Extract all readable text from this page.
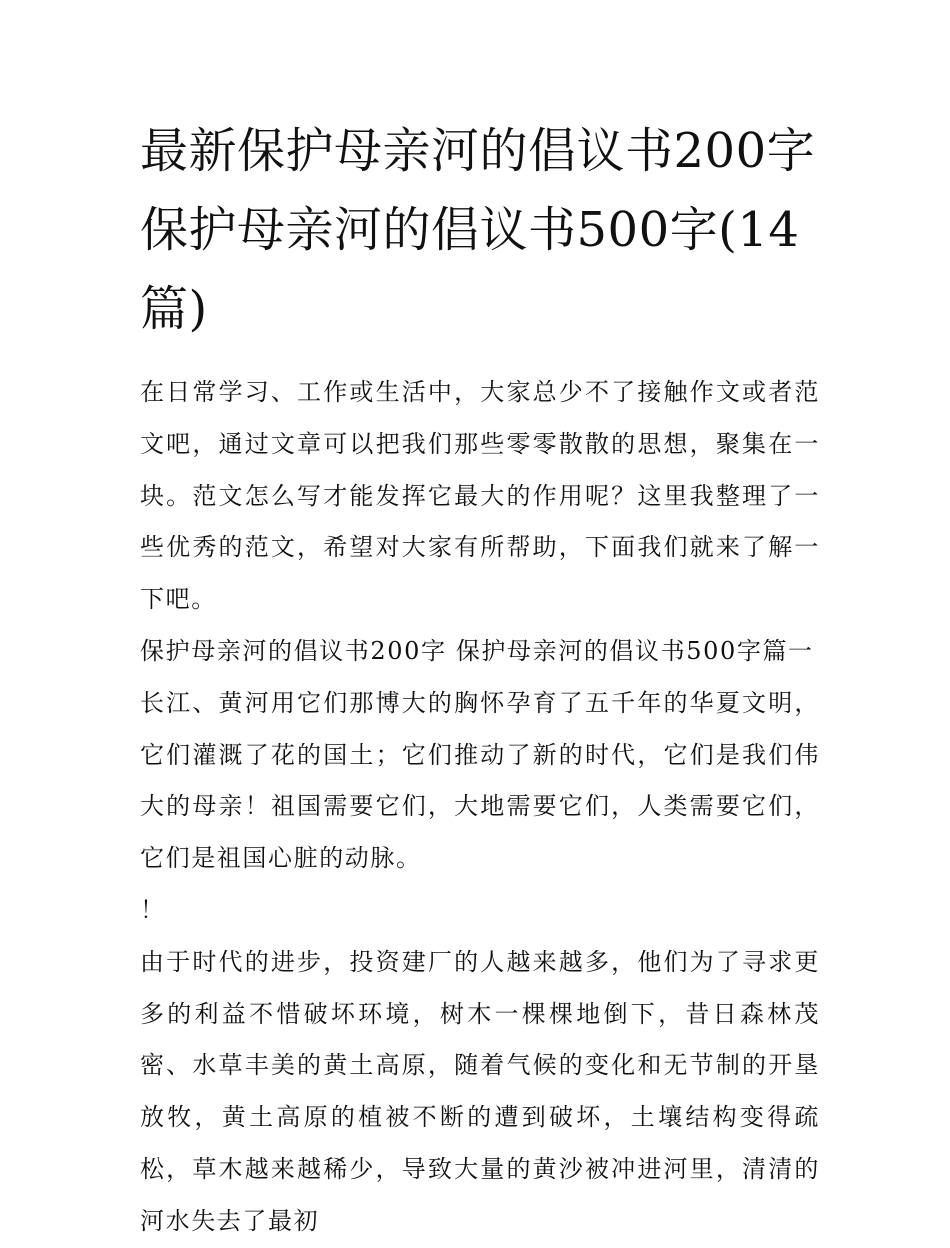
最新保护母亲河的倡议书200字 保护母亲河的倡议书500字(14篇)

在日常学习、工作或生活中，大家总少不了接触作文或者范文吧，通过文章可以把我们那些零零散散的思想，聚集在一块。范文怎么写才能发挥它最大的作用呢？这里我整理了一些优秀的范文，希望对大家有所帮助，下面我们就来了解一下吧。

保护母亲河的倡议书200字 保护母亲河的倡议书500字篇一

长江、黄河用它们那博大的胸怀孕育了五千年的华夏文明，它们灌溉了花的国土；它们推动了新的时代，它们是我们伟大的母亲！祖国需要它们，大地需要它们，人类需要它们，它们是祖国心脏的动脉。

！

由于时代的进步，投资建厂的人越来越多，他们为了寻求更多的利益不惜破坏环境，树木一棵棵地倒下，昔日森林茂密、水草丰美的黄土高原，随着气候的变化和无节制的开垦放牧，黄土高原的植被不断的遭到破坏，土壤结构变得疏松，草木越来越稀少，导致大量的黄沙被冲进河里，清清的河水失去了最初
